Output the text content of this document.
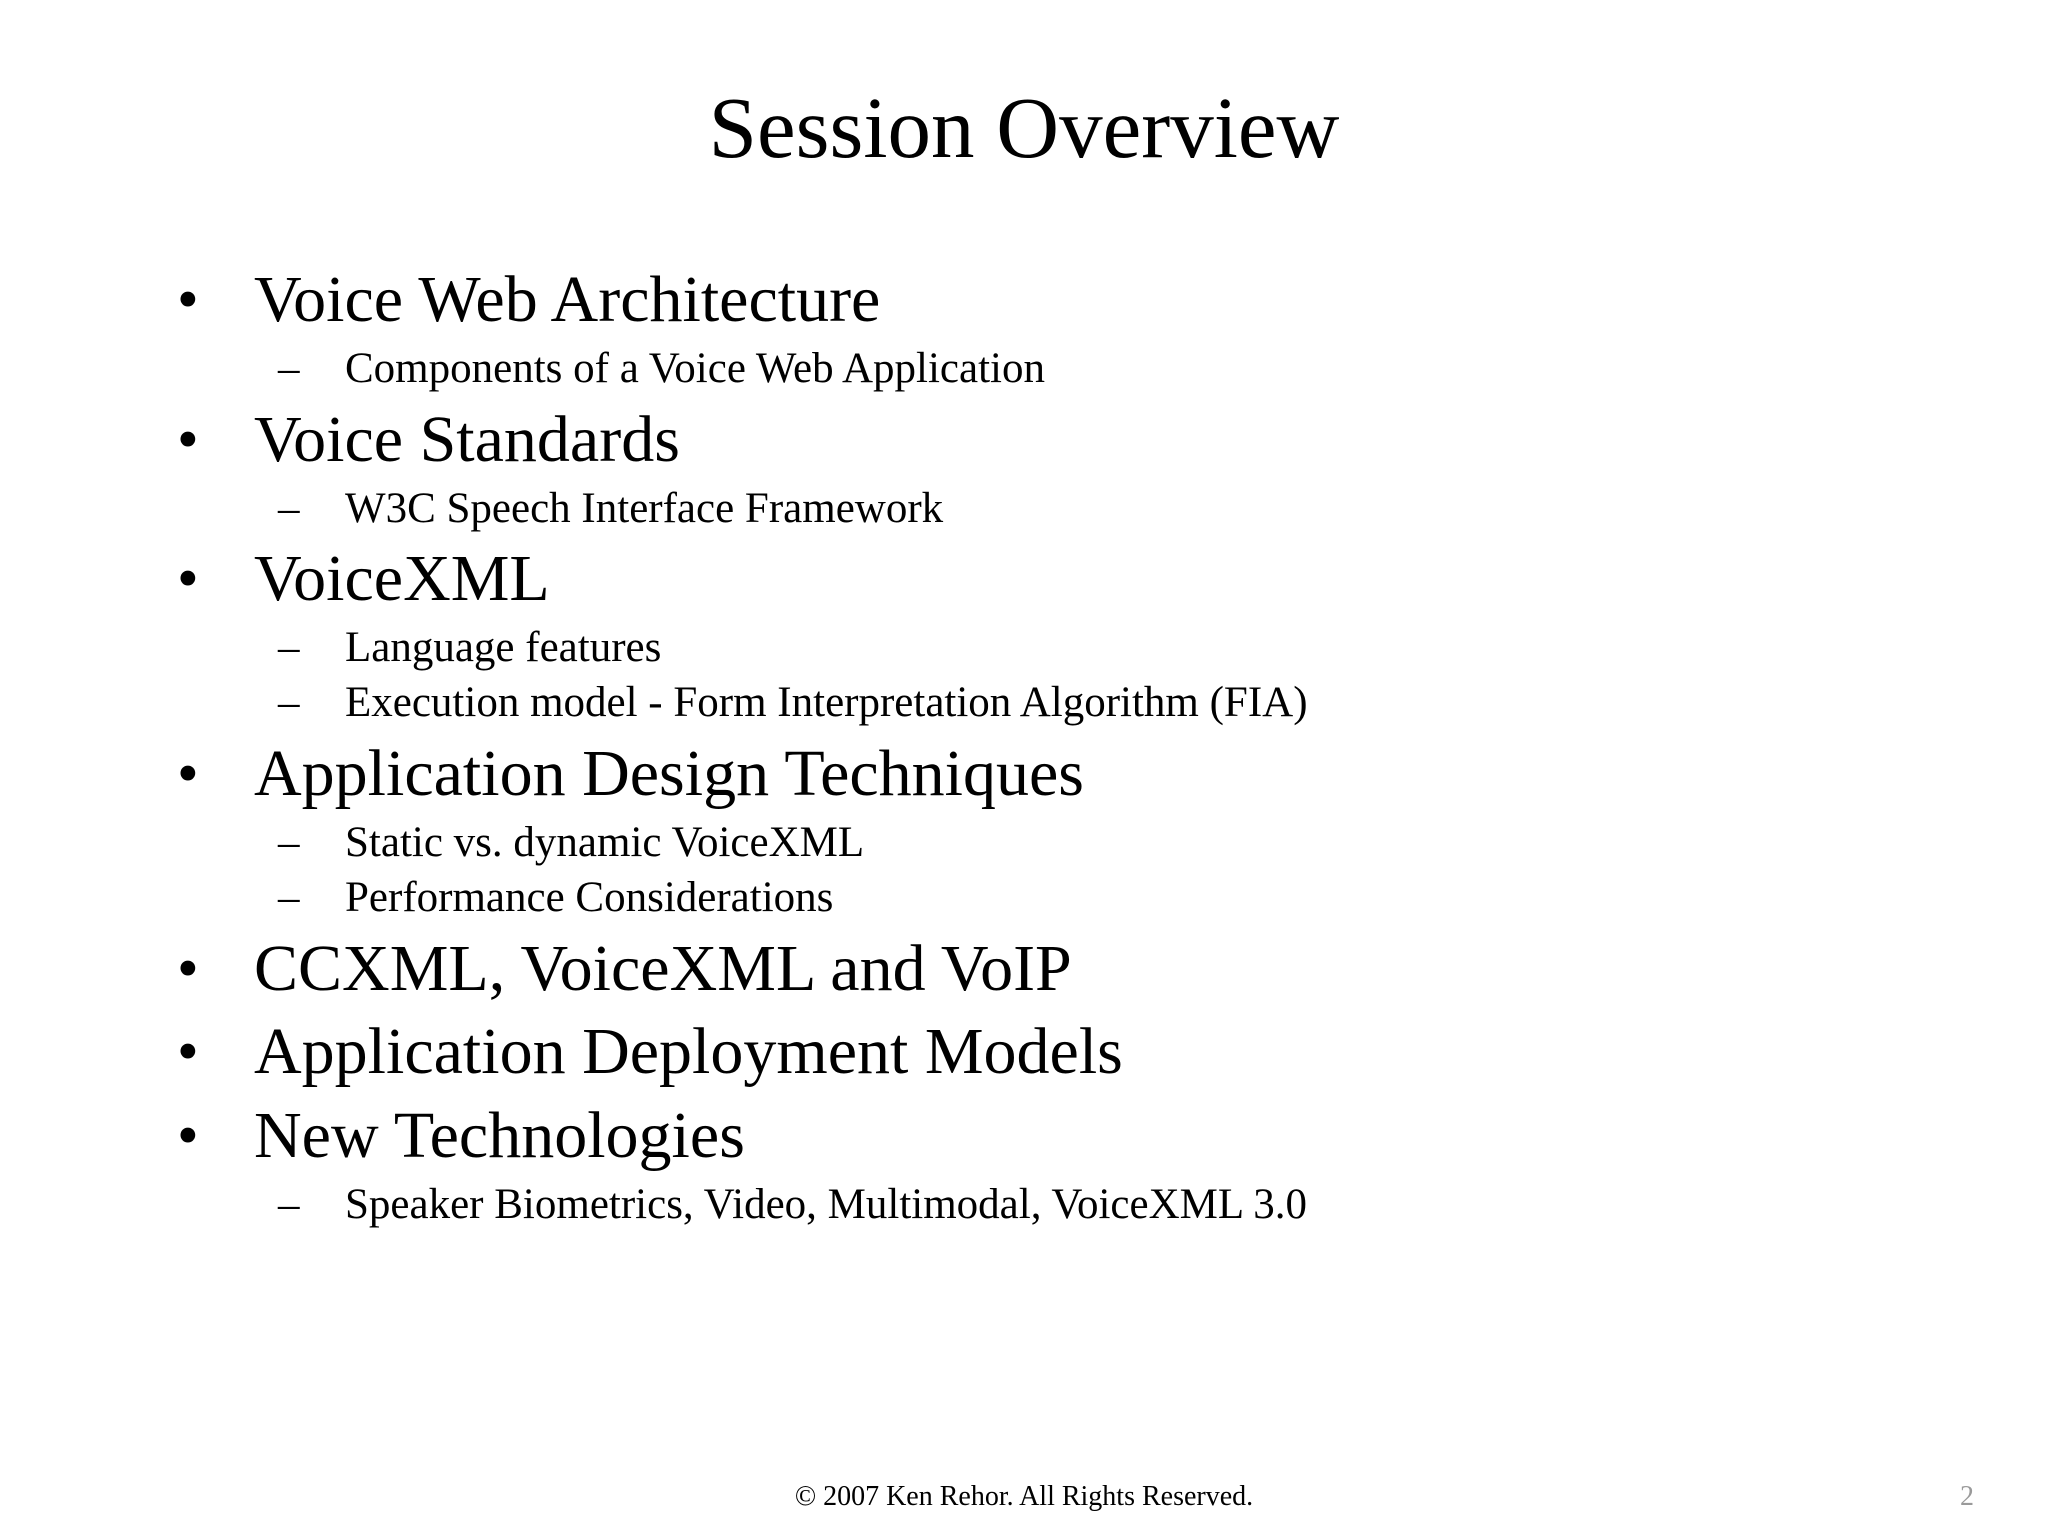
Session Overview
• Voice Web Architecture
– Components of a Voice Web Application
• Voice Standards
– W3C Speech Interface Framework
• VoiceXML
– Language features
– Execution model - Form Interpretation Algorithm (FIA)
• Application Design Techniques
– Static vs. dynamic VoiceXML
– Performance Considerations
• CCXML, VoiceXML and VoIP
• Application Deployment Models
• New Technologies
– Speaker Biometrics, Video, Multimodal, VoiceXML 3.0
© 2007 Ken Rehor. All Rights Reserved.	2
